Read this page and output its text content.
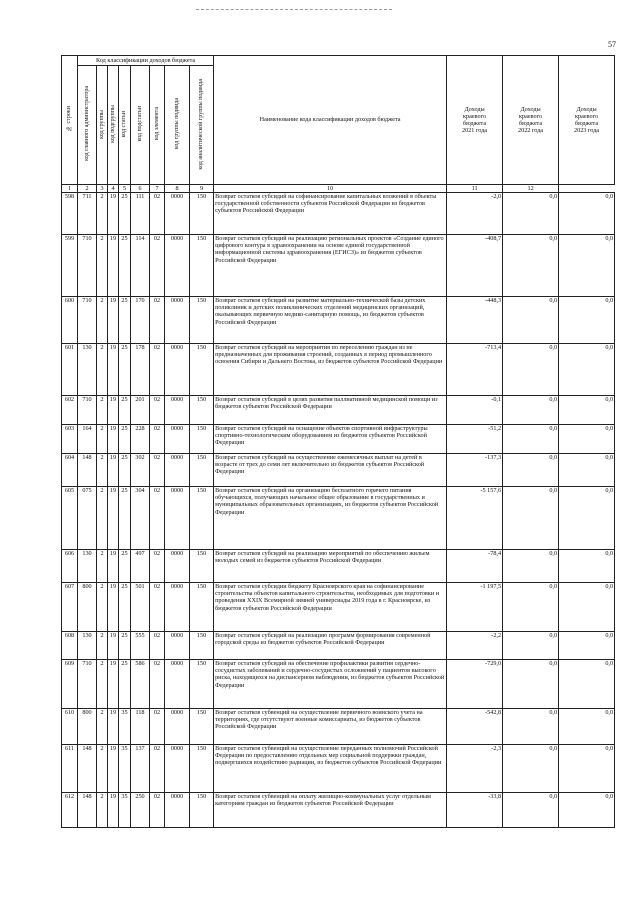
57
№ строки	Код классификации доходов бюджета								Наименование кода классификации доходов бюджета	Доходы
краевого
бюджета
2021 года	Доходы
краевого
бюджета
2022 года	Доходы
краевого
бюджета
2023 года
	код главного администратора	код группы	код подгруппы	код статьи	код подстатьи	код элемента	код группы подвида	код аналитической группы подвида				
1	2	3	4	5	6	7	8	9	10	11	12	
598	711	2	19	25	111	02	0000	150	Возврат остатков субсидий на софинансирование капитальных вложений в объекты государственной собственности субъектов Российской Федерации из бюджетов субъектов Российской Федерации	-2,0	0,0	0,0
599	710	2	19	25	114	02	0000	150	Возврат остатков субсидий на реализацию региональных проектов «Создание единого цифрового контура в здравоохранении на основе единой государственной информационной системы здравоохранения (ЕГИСЗ)» из бюджетов субъектов Российской Федерации	-408,7	0,0	0,0
600	710	2	19	25	170	02	0000	150	Возврат остатков субсидий на развитие материально-технической базы детских поликлиник и детских поликлинических отделений медицинских организаций, оказывающих первичную медико-санитарную помощь, из бюджетов субъектов Российской Федерации	-448,3	0,0	0,0
601	130	2	19	25	178	02	0000	150	Возврат остатков субсидий на мероприятия по переселению граждан из не предназначенных для проживания строений, созданных в период промышленного освоения Сибири и Дальнего Востока, из бюджетов субъектов Российской Федерации	-713,4	0,0	0,0
602	710	2	19	25	201	02	0000	150	Возврат остатков субсидий в целях развития паллиативной медицинской помощи из бюджетов субъектов Российской Федерации	-0,1	0,0	0,0
603	164	2	19	25	228	02	0000	150	Возврат остатков субсидий на оснащение объектов спортивной инфраструктуры спортивно-технологическим оборудованием из бюджетов субъектов Российской Федерации	-51,2	0,0	0,0
604	148	2	19	25	302	02	0000	150	Возврат остатков субсидий на осуществление ежемесячных выплат на детей в возрасте от трех до семи лет включительно из бюджетов субъектов Российской Федерации	-137,3	0,0	0,0
605	075	2	19	25	304	02	0000	150	Возврат остатков субсидий на организацию бесплатного горячего питания обучающихся, получающих начальное общее образование в государственных и муниципальных образовательных организациях, из бюджетов субъектов Российской Федерации	-5 157,6	0,0	0,0
606	130	2	19	25	497	02	0000	150	Возврат остатков субсидий на реализацию мероприятий по обеспечению жильем молодых семей из бюджетов субъектов Российской Федерации	-78,4	0,0	0,0
607	800	2	19	25	501	02	0000	150	Возврат остатков субсидии бюджету Красноярского края на софинансирование строительства объектов капитального строительства, необходимых для подготовки и проведения XXIX Всемирной зимней универсиады 2019 года в г. Красноярске, из бюджетов субъектов Российской Федерации	-1 197,5	0,0	0,0
608	130	2	19	25	555	02	0000	150	Возврат остатков субсидий на реализацию программ формирования современной городской среды из бюджетов субъектов Российской Федерации	-2,2	0,0	0,0
609	710	2	19	25	586	02	0000	150	Возврат остатков субсидий на обеспечение профилактики развития сердечно-сосудистых заболеваний и сердечно-сосудистых осложнений у пациентов высокого риска, находящихся на диспансерном наблюдении, из бюджетов субъектов Российской Федерации	-729,0	0,0	0,0
610	800	2	19	35	118	02	0000	150	Возврат остатков субвенций на осуществление первичного воинского учета на территориях, где отсутствуют военные комиссариаты, из бюджетов субъектов Российской Федерации	-542,8	0,0	0,0
611	148	2	19	35	137	02	0000	150	Возврат остатков субвенций на осуществление переданных полномочий Российской Федерации по предоставлению отдельных мер социальной поддержки граждан, подвергшихся воздействию радиации, из бюджетов субъектов Российской Федерации	-2,3	0,0	0,0
612	148	2	19	35	250	02	0000	150	Возврат остатков субвенций на оплату жилищно-коммунальных услуг отдельным категориям граждан из бюджетов субъектов Российской Федерации	-33,8	0,0	0,0
